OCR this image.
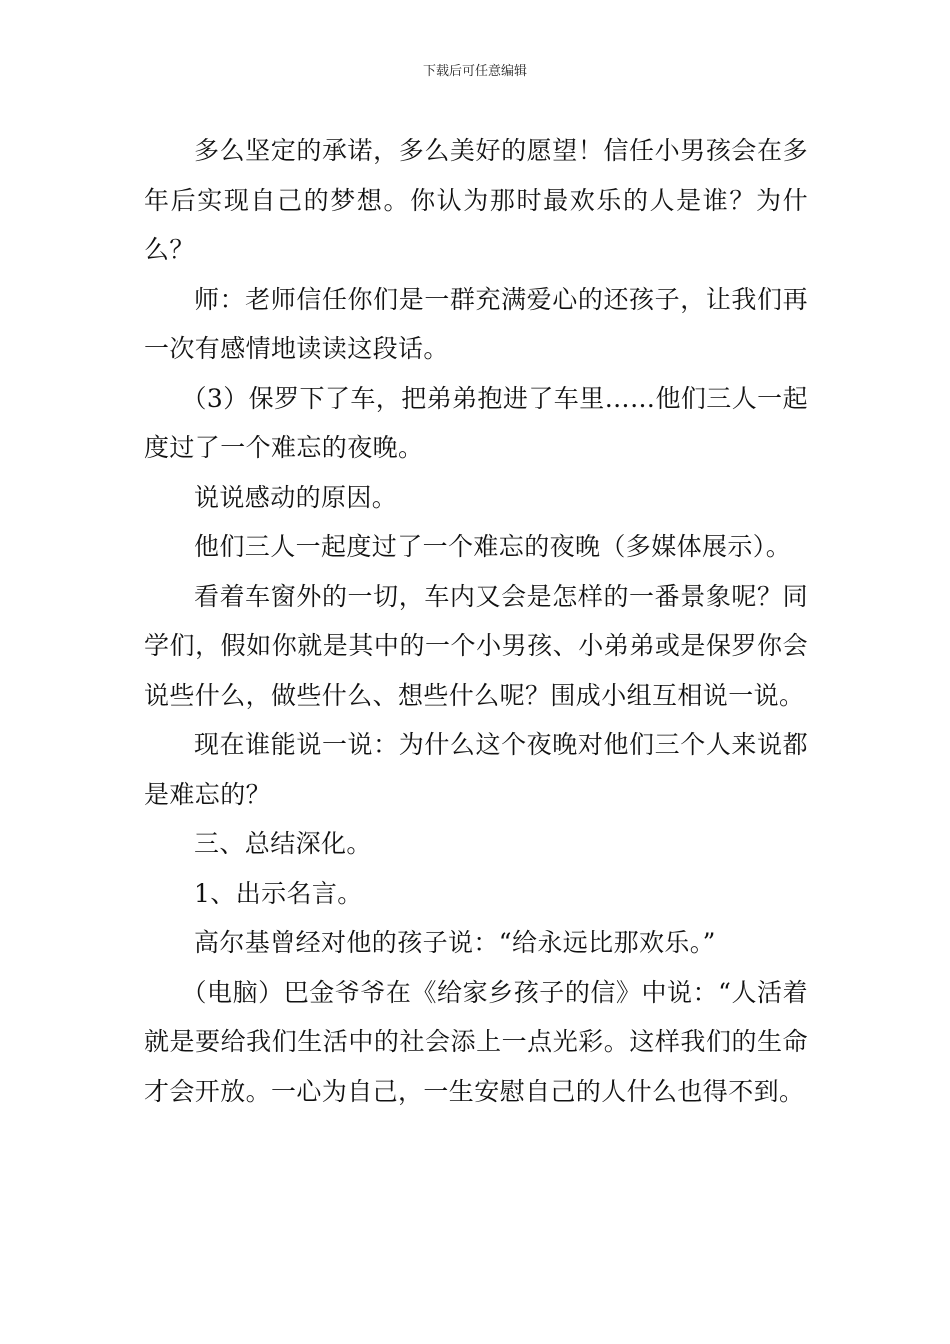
下载后可任意编辑

多么坚定的承诺，多么美好的愿望！信任小男孩会在多年后实现自己的梦想。你认为那时最欢乐的人是谁？为什么？

师：老师信任你们是一群充满爱心的还孩子，让我们再一次有感情地读读这段话。

（3）保罗下了车，把弟弟抱进了车里……他们三人一起度过了一个难忘的夜晚。

说说感动的原因。

他们三人一起度过了一个难忘的夜晚（多媒体展示）。

看着车窗外的一切，车内又会是怎样的一番景象呢？同学们，假如你就是其中的一个小男孩、小弟弟或是保罗你会说些什么，做些什么、想些什么呢？围成小组互相说一说。

现在谁能说一说：为什么这个夜晚对他们三个人来说都是难忘的？

三、总结深化。

1、出示名言。

高尔基曾经对他的孩子说：“给永远比那欢乐。”

（电脑）巴金爷爷在《给家乡孩子的信》中说：“人活着就是要给我们生活中的社会添上一点光彩。这样我们的生命才会开放。一心为自己，一生安慰自己的人什么也得不到。
